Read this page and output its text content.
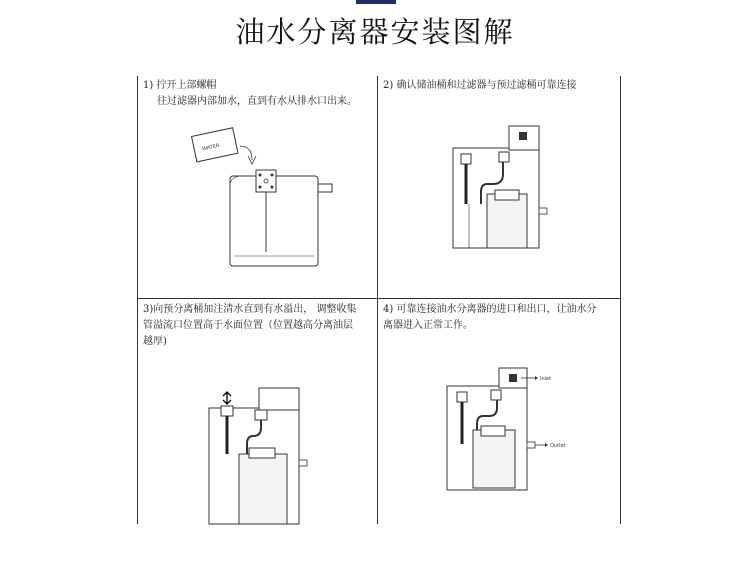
油水分离器安装图解
1) 拧开上部螺帽
往过滤器内部加水，直到有水从排水口出来。
WATER
2) 确认储油桶和过滤器与预过滤桶可靠连接
3)向预分离桶加注清水直到有水溢出， 调整收集
管溢流口位置高于水面位置（位置越高分离油层
越厚)
4) 可靠连接油水分离器的进口和出口，让油水分
离器进入正常工作。
Inlet
Outlet
